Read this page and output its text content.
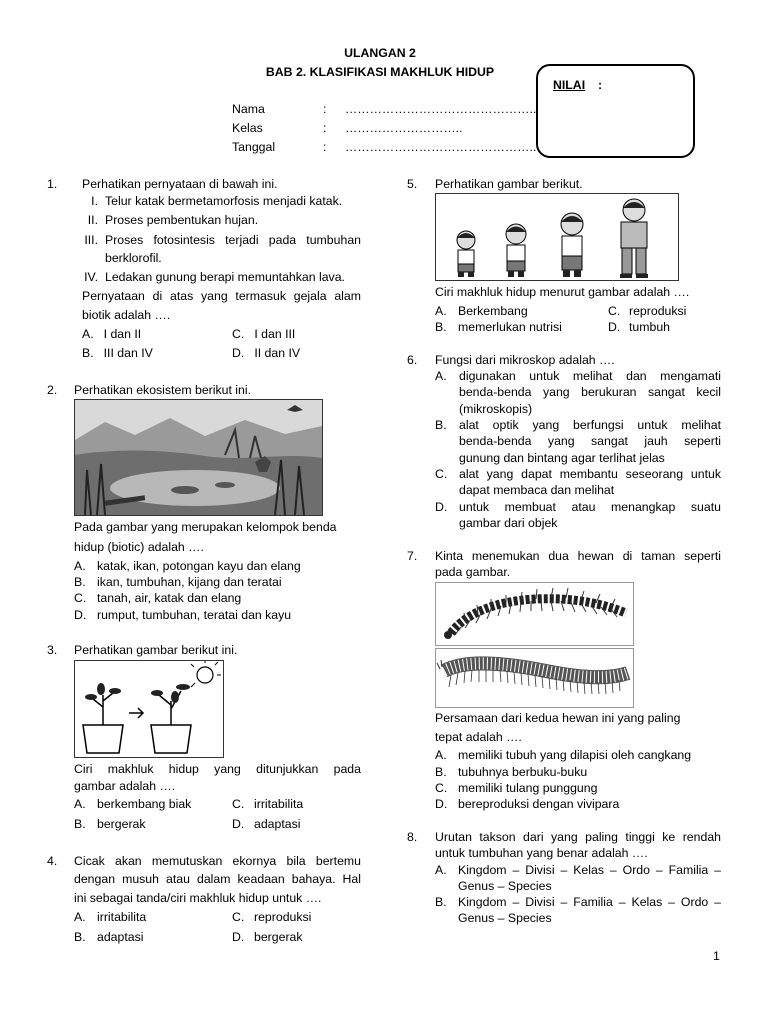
ULANGAN 2
BAB 2. KLASIFIKASI MAKHLUK HIDUP
Nama	: ………………………………………..
Kelas	: ………………………..
Tanggal	: ………………………………………..
NILAI :
1. Perhatikan pernyataan di bawah ini.
I. Telur katak bermetamorfosis menjadi katak.
II. Proses pembentukan hujan.
III. Proses fotosintesis terjadi pada tumbuhan
berklorofil.
IV. Ledakan gunung berapi memuntahkan lava.
Pernyataan di atas yang termasuk gejala alam
biotik adalah ….
A. I dan II	C. I dan III
B. III dan IV	D. II dan IV
2. Perhatikan ekosistem berikut ini.
Pada gambar yang merupakan kelompok benda
hidup (biotic) adalah ….
A. katak, ikan, potongan kayu dan elang
B. ikan, tumbuhan, kijang dan teratai
C. tanah, air, katak dan elang
D. rumput, tumbuhan, teratai dan kayu
3. Perhatikan gambar berikut ini.
Ciri makhluk hidup yang ditunjukkan pada
gambar adalah ….
A. berkembang biak	C. irritabilita
B. bergerak	D. adaptasi
4. Cicak akan memutuskan ekornya bila bertemu
dengan musuh atau dalam keadaan bahaya. Hal
ini sebagai tanda/ciri makhluk hidup untuk ….
A. irritabilita	C. reproduksi
B. adaptasi	D. bergerak
5. Perhatikan gambar berikut.
Ciri makhluk hidup menurut gambar adalah ….
A. Berkembang	C. reproduksi
B. memerlukan nutrisi	D. tumbuh
6. Fungsi dari mikroskop adalah ….
A. digunakan untuk melihat dan mengamati
benda-benda yang berukuran sangat kecil
(mikroskopis)
B. alat optik yang berfungsi untuk melihat
benda-benda yang sangat jauh seperti
gunung dan bintang agar terlihat jelas
C. alat yang dapat membantu seseorang untuk
dapat membaca dan melihat
D. untuk membuat atau menangkap suatu
gambar dari objek
7. Kinta menemukan dua hewan di taman seperti
pada gambar.
Persamaan dari kedua hewan ini yang paling
tepat adalah ….
A. memiliki tubuh yang dilapisi oleh cangkang
B. tubuhnya berbuku-buku
C. memiliki tulang punggung
D. bereproduksi dengan vivipara
8. Urutan takson dari yang paling tinggi ke rendah
untuk tumbuhan yang benar adalah ….
A. Kingdom – Divisi – Kelas – Ordo – Familia –
Genus – Species
B. Kingdom – Divisi – Familia – Kelas – Ordo –
Genus – Species
1
